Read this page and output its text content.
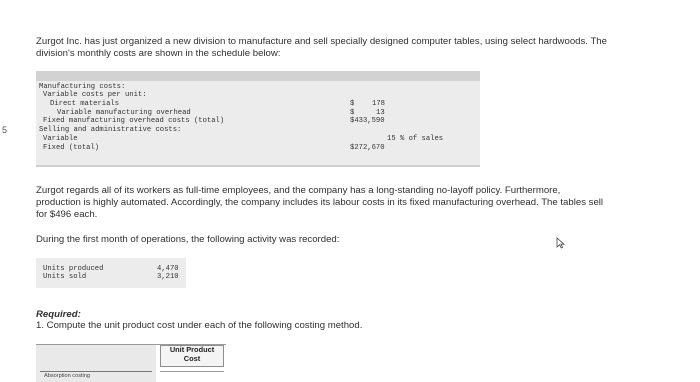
Zurgot Inc. has just organized a new division to manufacture and sell specially designed computer tables, using select hardwoods. The
division's monthly costs are shown in the schedule below:
5
Manufacturing costs:
Variable costs per unit:
Direct materials	$ 178
Variable manufacturing overhead	$	13
Fixed manufacturing overhead costs (total)	$433,590
Selling and administrative costs:
Variable	15 % of sales
Fixed (total)	$272,670
Zurgot regards all of its workers as full-time employees, and the company has a long-standing no-layoff policy. Furthermore,
production is highly automated. Accordingly, the company includes its labour costs in its fixed manufacturing overhead. The tables sell
for $496 each.
During the first month of operations, the following activity was recorded:
Units produced	4,470
Units sold	3,210
Required:
1. Compute the unit product cost under each of the following costing method.
Absorption costing
Unit Product
Cost
